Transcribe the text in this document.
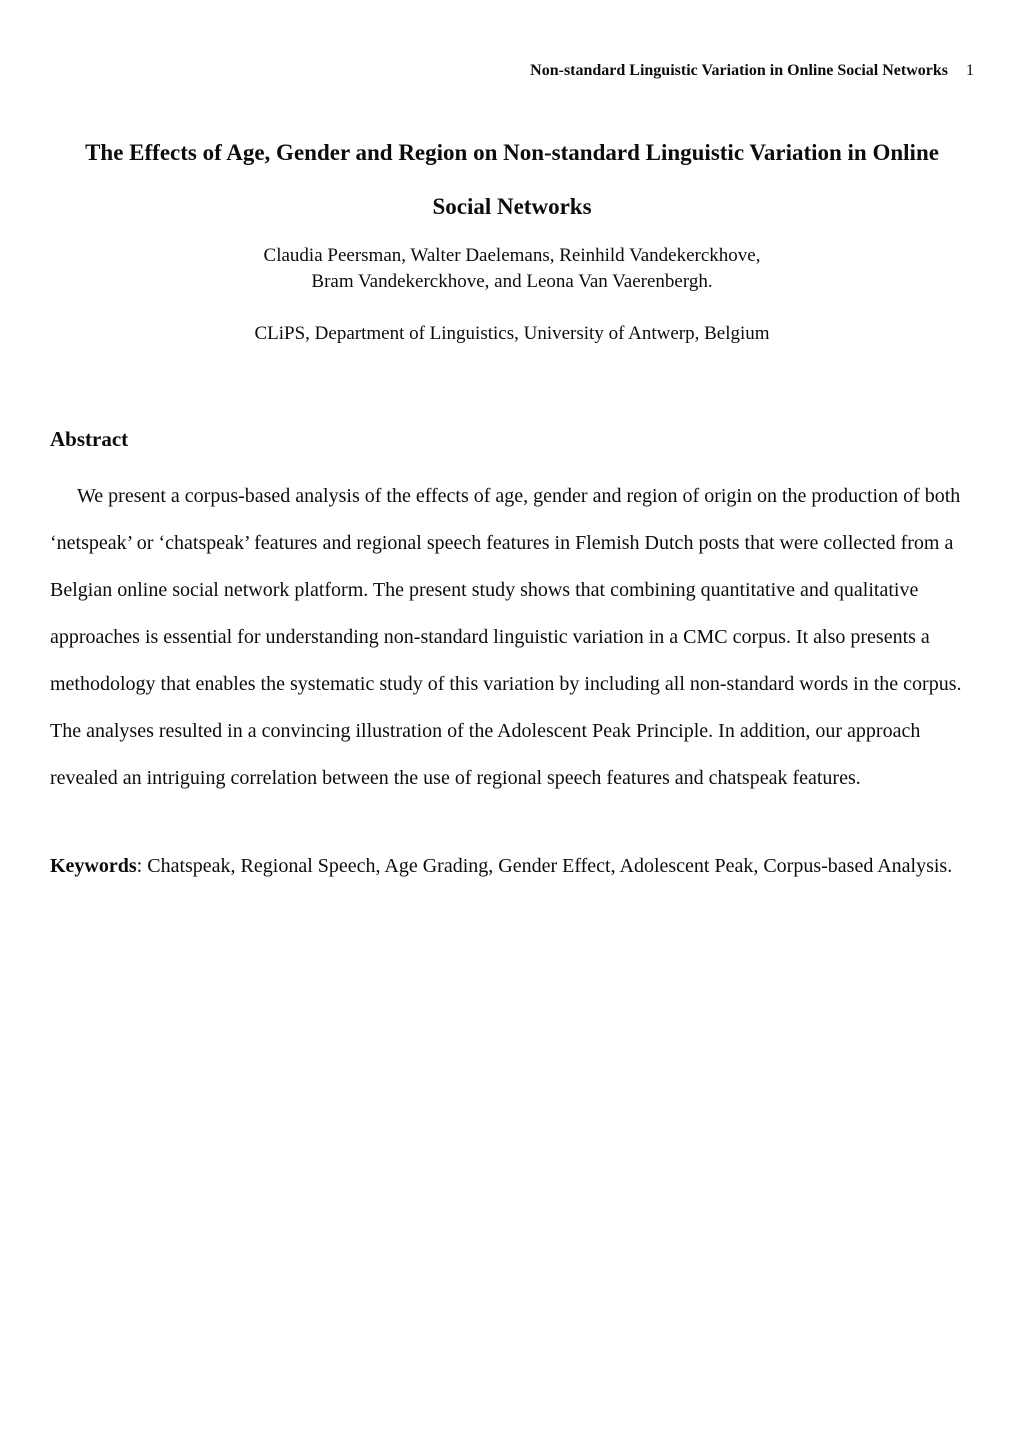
Non-standard Linguistic Variation in Online Social Networks 1
The Effects of Age, Gender and Region on Non-standard Linguistic Variation in Online
Social Networks
Claudia Peersman, Walter Daelemans, Reinhild Vandekerckhove,
Bram Vandekerckhove, and Leona Van Vaerenbergh.
CLiPS, Department of Linguistics, University of Antwerp, Belgium
Abstract

We present a corpus-based analysis of the effects of age, gender and region of origin on the production of both ‘netspeak’ or ‘chatspeak’ features and regional speech features in Flemish Dutch posts that were collected from a Belgian online social network platform. The present study shows that combining quantitative and qualitative approaches is essential for understanding non-standard linguistic variation in a CMC corpus. It also presents a methodology that enables the systematic study of this variation by including all non-standard words in the corpus. The analyses resulted in a convincing illustration of the Adolescent Peak Principle. In addition, our approach revealed an intriguing correlation between the use of regional speech features and chatspeak features.

Keywords: Chatspeak, Regional Speech, Age Grading, Gender Effect, Adolescent Peak, Corpus-based Analysis.
